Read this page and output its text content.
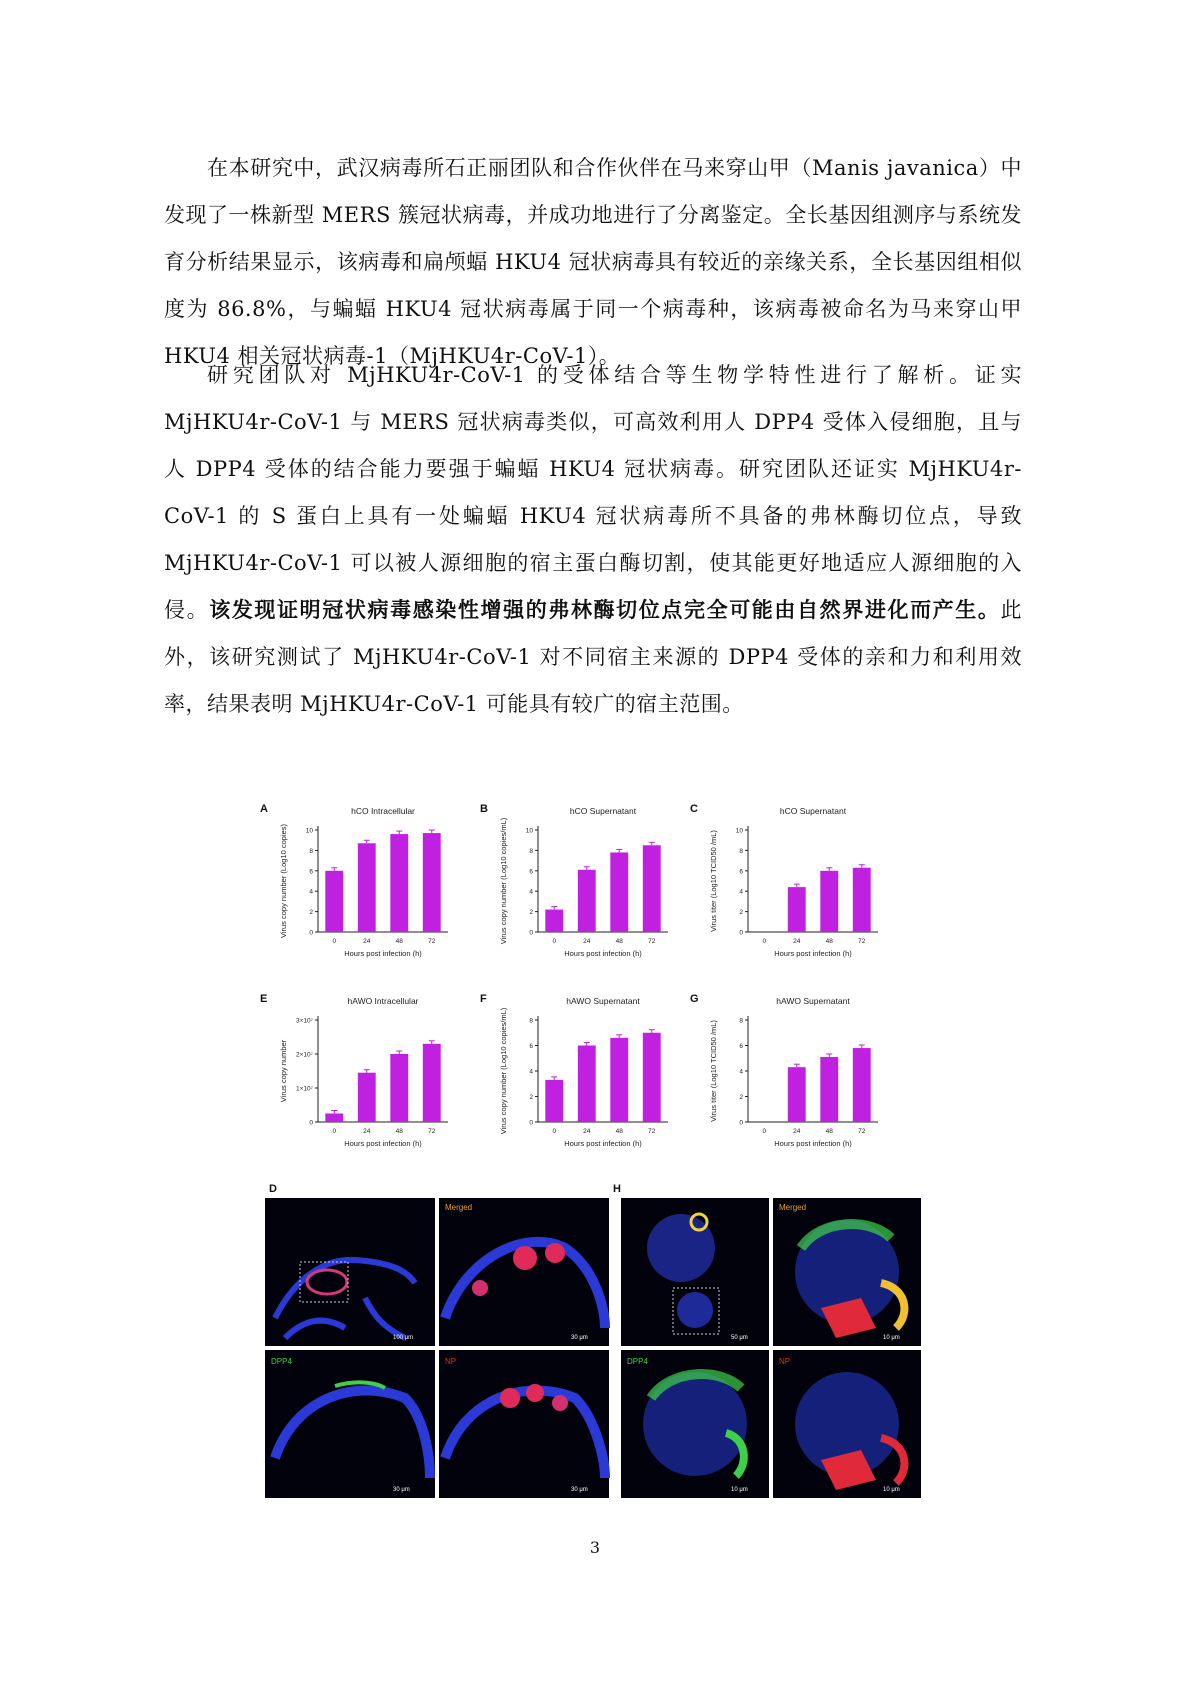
在本研究中，武汉病毒所石正丽团队和合作伙伴在马来穿山甲（Manis javanica）中发现了一株新型 MERS 簇冠状病毒，并成功地进行了分离鉴定。全长基因组测序与系统发育分析结果显示，该病毒和扁颅蝠 HKU4 冠状病毒具有较近的亲缘关系，全长基因组相似度为 86.8%，与蝙蝠 HKU4 冠状病毒属于同一个病毒种，该病毒被命名为马来穿山甲 HKU4 相关冠状病毒-1（MjHKU4r-CoV-1）。

研究团队对 MjHKU4r-CoV-1 的受体结合等生物学特性进行了解析。证实 MjHKU4r-CoV-1 与 MERS 冠状病毒类似，可高效利用人 DPP4 受体入侵细胞，且与人 DPP4 受体的结合能力要强于蝙蝠 HKU4 冠状病毒。研究团队还证实 MjHKU4r-CoV-1 的 S 蛋白上具有一处蝙蝠 HKU4 冠状病毒所不具备的弗林酶切位点，导致 MjHKU4r-CoV-1 可以被人源细胞的宿主蛋白酶切割，使其能更好地适应人源细胞的入侵。该发现证明冠状病毒感染性增强的弗林酶切位点完全可能由自然界进化而产生。此外，该研究测试了 MjHKU4r-CoV-1 对不同宿主来源的 DPP4 受体的亲和力和利用效率，结果表明 MjHKU4r-CoV-1 可能具有较广的宿主范围。

A	hCO Intracellular
0
2
4
6
8
10
Virus copy number (Log10 copies)
0	24	48	72
Hours post infection (h)
B	hCO Supernatant
0
2
4
6
8
10
Virus copy number (Log10 copies/mL)	0	24	48	72
Hours post infection (h)
C	hCO Supernatant
0
2
4
6
8
10
Virus titer (Log10 TCID50 /mL)
0	24	48	72
Hours post infection (h)
E	hAWO Intracellular
0
1×10⁷
2×10⁷
3×10⁷
Virus copy number
0	24	48	72
Hours post infection (h)
F	hAWO Supernatant
0
2
4
6
8
Virus copy number (Log10 copies/mL)	0	24	48	72
Hours post infection (h)
G	hAWO Supernatant
0
2
4
6
8
Virus titer (Log10 TCID50 /mL)
0	24	48	72
Hours post infection (h)
D
Merged
DPP4	NP
100 μm	30 μm
30 μm	30 μm
H
Merged
DPP4	NP
50 μm	10 μm
10 μm	10 μm
3
